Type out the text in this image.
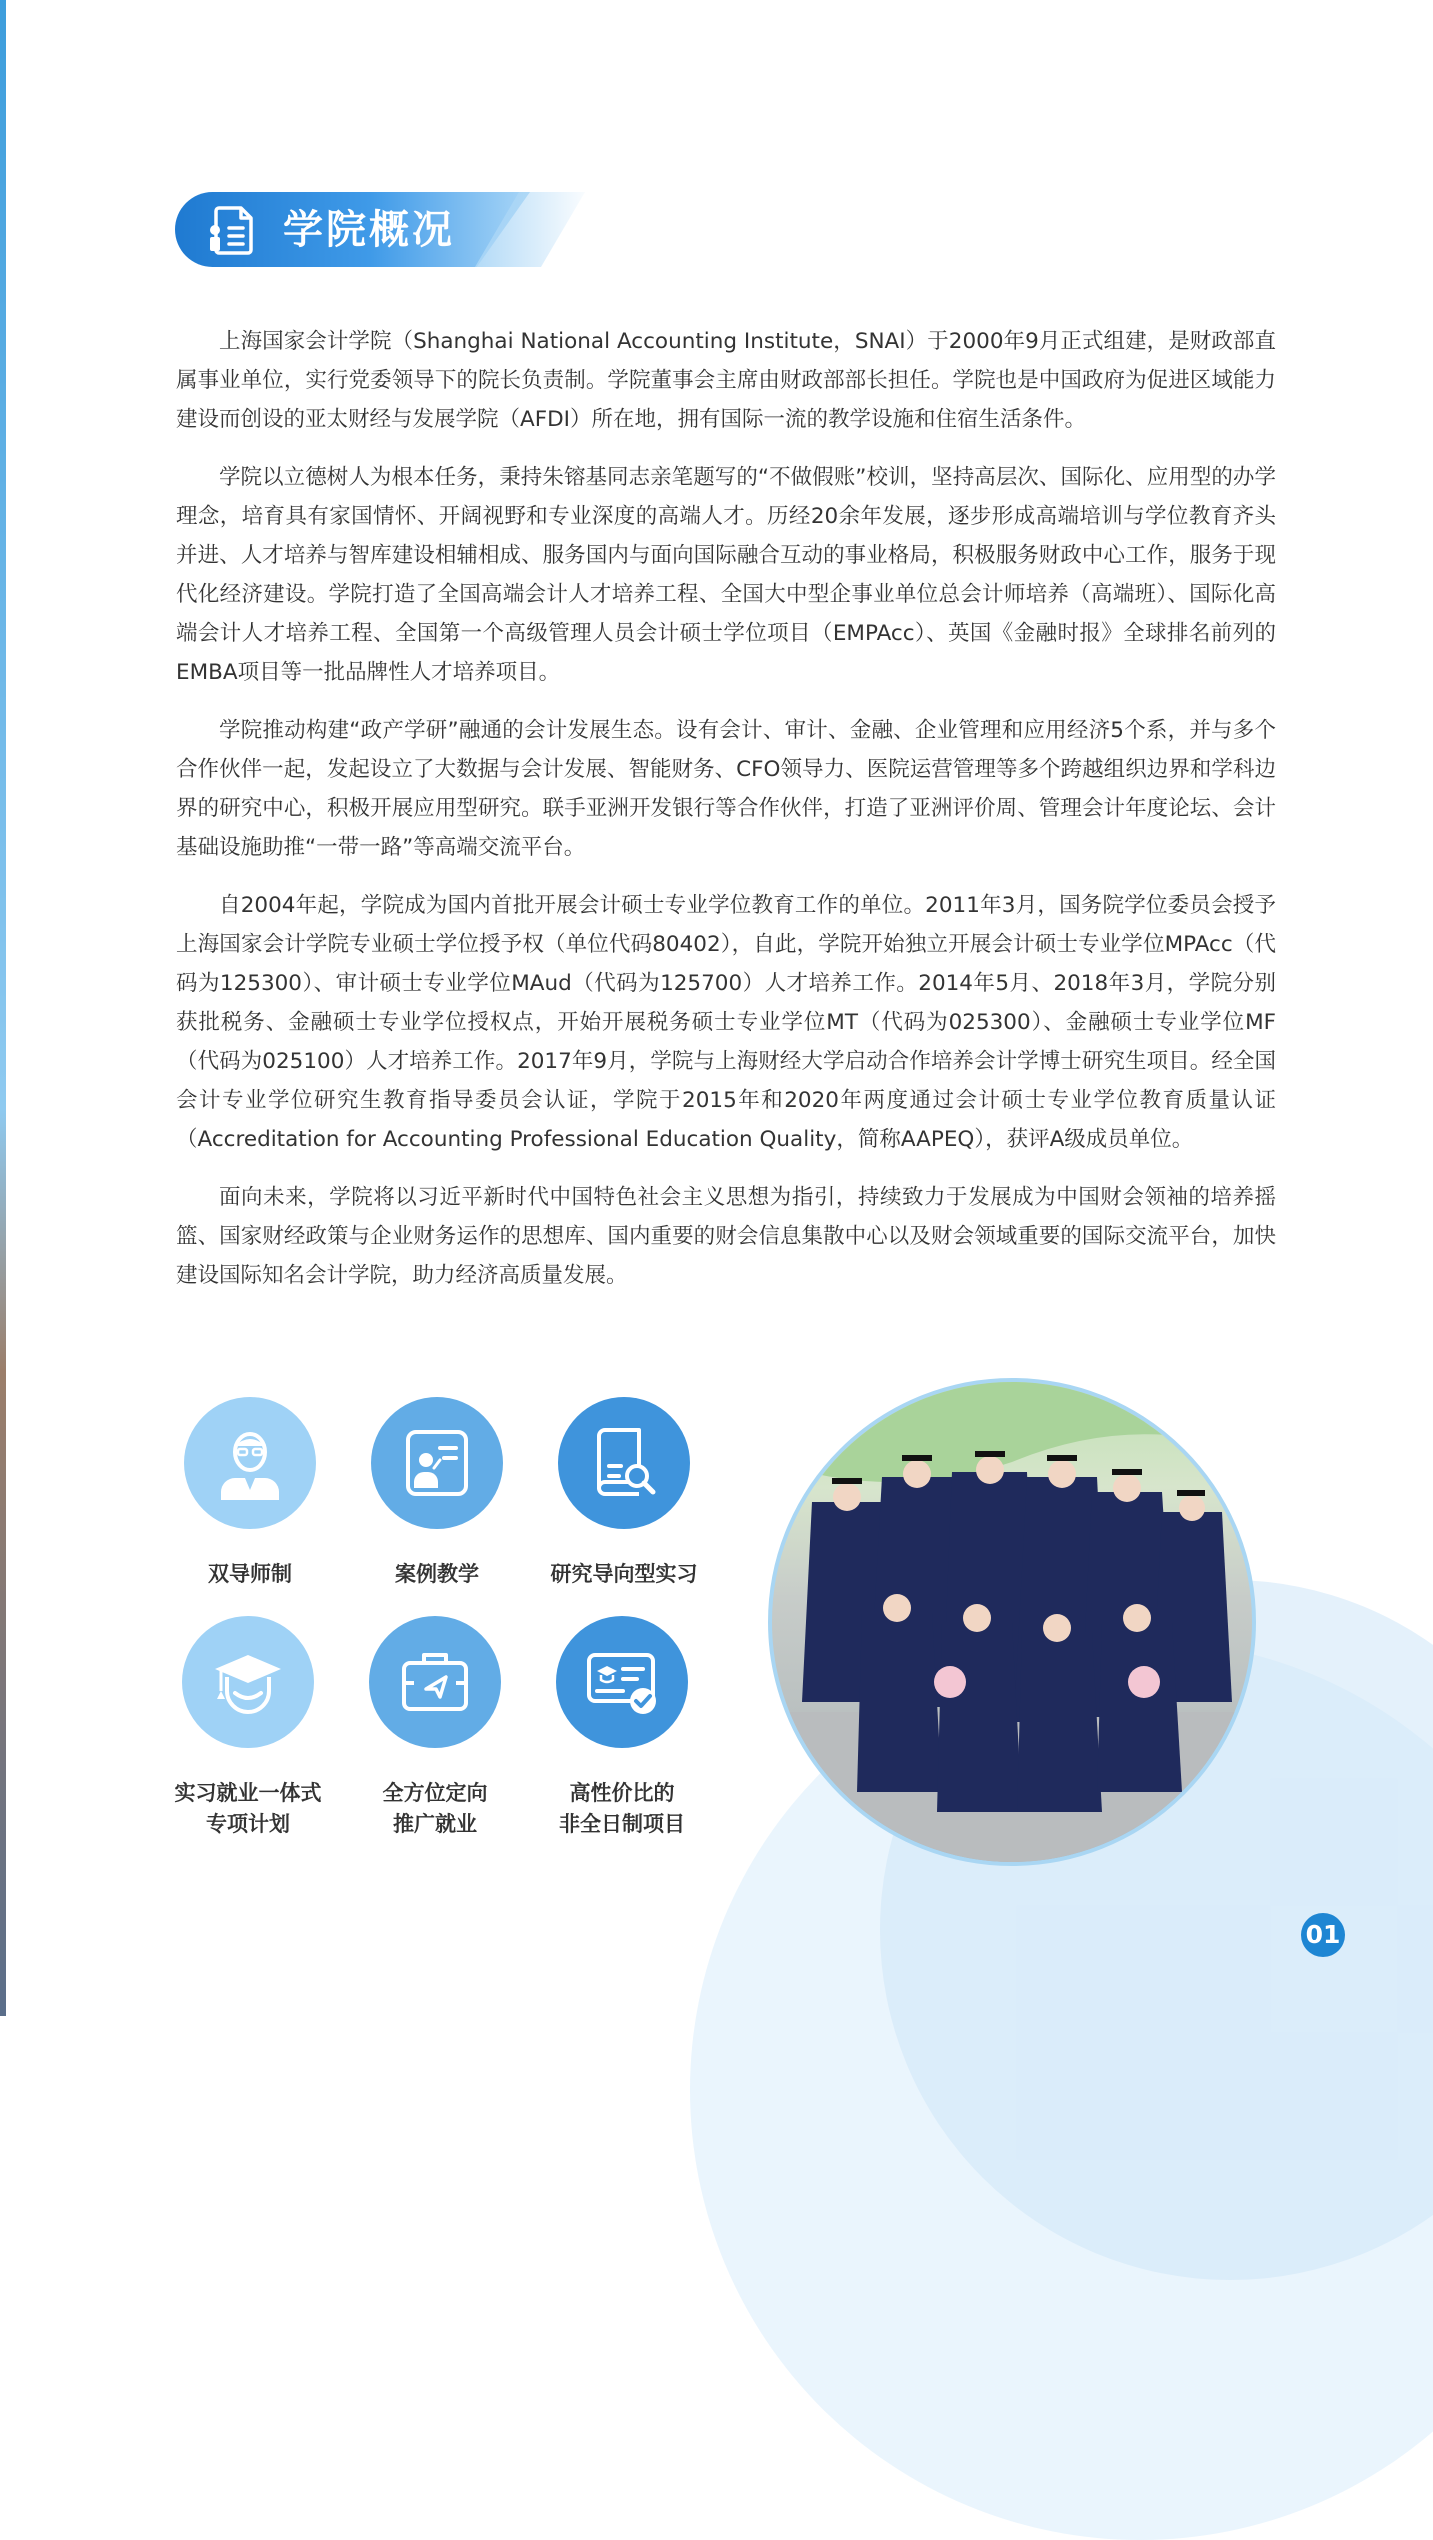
学院概况

上海国家会计学院（Shanghai National Accounting Institute，SNAI）于2000年9月正式组建，是财政部直属事业单位，实行党委领导下的院长负责制。学院董事会主席由财政部部长担任。学院也是中国政府为促进区域能力建设而创设的亚太财经与发展学院（AFDI）所在地，拥有国际一流的教学设施和住宿生活条件。

学院以立德树人为根本任务，秉持朱镕基同志亲笔题写的“不做假账”校训，坚持高层次、国际化、应用型的办学理念，培育具有家国情怀、开阔视野和专业深度的高端人才。历经20余年发展，逐步形成高端培训与学位教育齐头并进、人才培养与智库建设相辅相成、服务国内与面向国际融合互动的事业格局，积极服务财政中心工作，服务于现代化经济建设。学院打造了全国高端会计人才培养工程、全国大中型企事业单位总会计师培养（高端班）、国际化高端会计人才培养工程、全国第一个高级管理人员会计硕士学位项目（EMPAcc）、英国《金融时报》全球排名前列的EMBA项目等一批品牌性人才培养项目。

学院推动构建“政产学研”融通的会计发展生态。设有会计、审计、金融、企业管理和应用经济5个系，并与多个合作伙伴一起，发起设立了大数据与会计发展、智能财务、CFO领导力、医院运营管理等多个跨越组织边界和学科边界的研究中心，积极开展应用型研究。联手亚洲开发银行等合作伙伴，打造了亚洲评价周、管理会计年度论坛、会计基础设施助推“一带一路”等高端交流平台。

自2004年起，学院成为国内首批开展会计硕士专业学位教育工作的单位。2011年3月，国务院学位委员会授予上海国家会计学院专业硕士学位授予权（单位代码80402），自此，学院开始独立开展会计硕士专业学位MPAcc（代码为125300）、审计硕士专业学位MAud（代码为125700）人才培养工作。2014年5月、2018年3月，学院分别获批税务、金融硕士专业学位授权点，开始开展税务硕士专业学位MT（代码为025300）、金融硕士专业学位MF（代码为025100）人才培养工作。2017年9月，学院与上海财经大学启动合作培养会计学博士研究生项目。经全国会计专业学位研究生教育指导委员会认证，学院于2015年和2020年两度通过会计硕士专业学位教育质量认证（Accreditation for Accounting Professional Education Quality，简称AAPEQ），获评A级成员单位。

面向未来，学院将以习近平新时代中国特色社会主义思想为指引，持续致力于发展成为中国财会领袖的培养摇篮、国家财经政策与企业财务运作的思想库、国内重要的财会信息集散中心以及财会领域重要的国际交流平台，加快建设国际知名会计学院，助力经济高质量发展。

双导师制	案例教学	研究导向型实习
实习就业一体式
专项计划
全方位定向
推广就业
高性价比的
非全日制项目
01
